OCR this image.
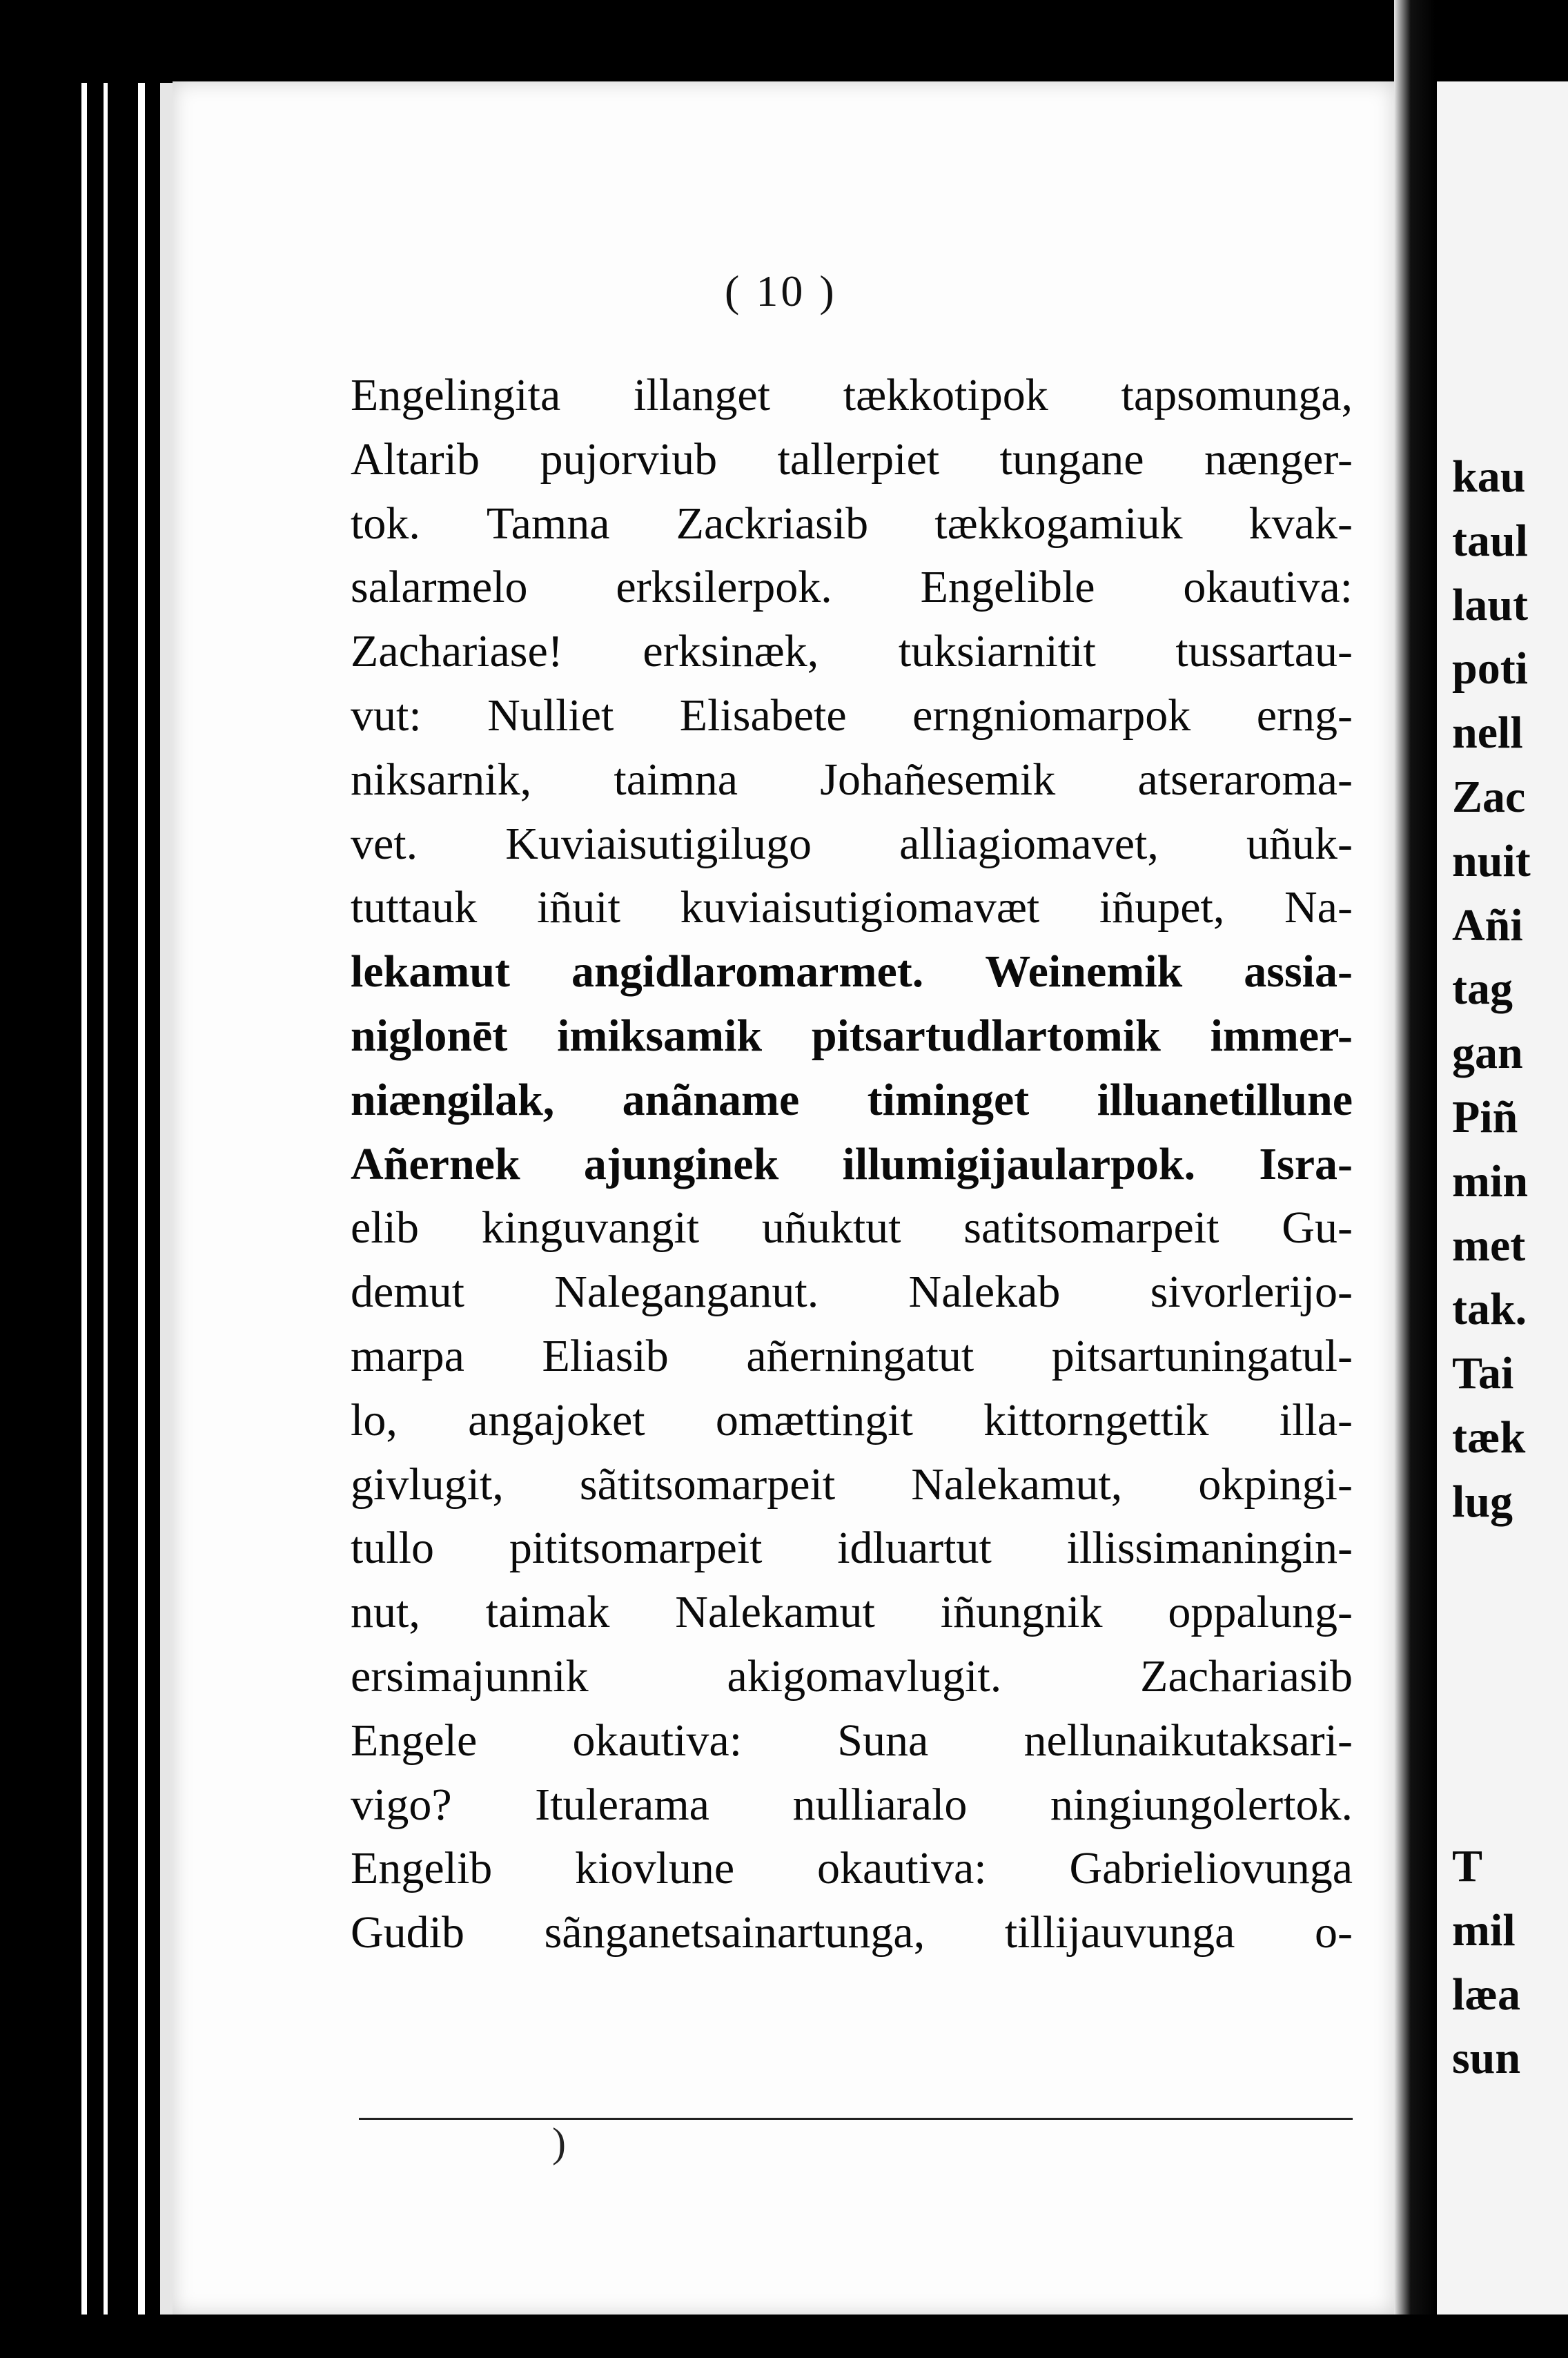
( 10 )
Engelingita illanget tækkotipok tapsomunga,
Altarib pujorviub tallerpiet tungane nænger-
tok. Tamna Zackriasib tækkogamiuk kvak-
salarmelo erksilerpok. Engelible okautiva:
Zachariase! erksinæk, tuksiarnitit tussartau-
vut: Nulliet Elisabete erngniomarpok erng-
niksarnik, taimna Johañesemik atseraroma-
vet. Kuviaisutigilugo alliagiomavet, uñuk-
tuttauk iñuit kuviaisutigiomavæt iñupet, Na-
lekamut angidlaromarmet. Weinemik assia-
niglonēt imiksamik pitsartudlartomik immer-
niængilak, anãname timinget illuanetillune
Añernek ajunginek illumigijaularpok. Isra-
elib kinguvangit uñuktut satitsomarpeit Gu-
demut Naleganganut. Nalekab sivorlerijo-
marpa Eliasib añerningatut pitsartuningatul-
lo, angajoket omættingit kittorngettik illa-
givlugit, sãtitsomarpeit Nalekamut, okpingi-
tullo pititsomarpeit idluartut illissimaningin-
nut, taimak Nalekamut iñungnik oppalung-
ersimajunnik	akigomavlugit.	Zachariasib
Engele okautiva: Suna nellunaikutaksari-
vigo? Itulerama nulliaralo ningiungolertok.
Engelib kiovlune okautiva: Gabrieliovunga
Gudib sãnganetsainartunga, tillijauvunga o-
)
kau
taul
laut
poti
nell
Zac
nuit
Añi
tag
gan
Piñ
min
met
tak.
Tai
tæk
lug
T
mil
læa
sun
